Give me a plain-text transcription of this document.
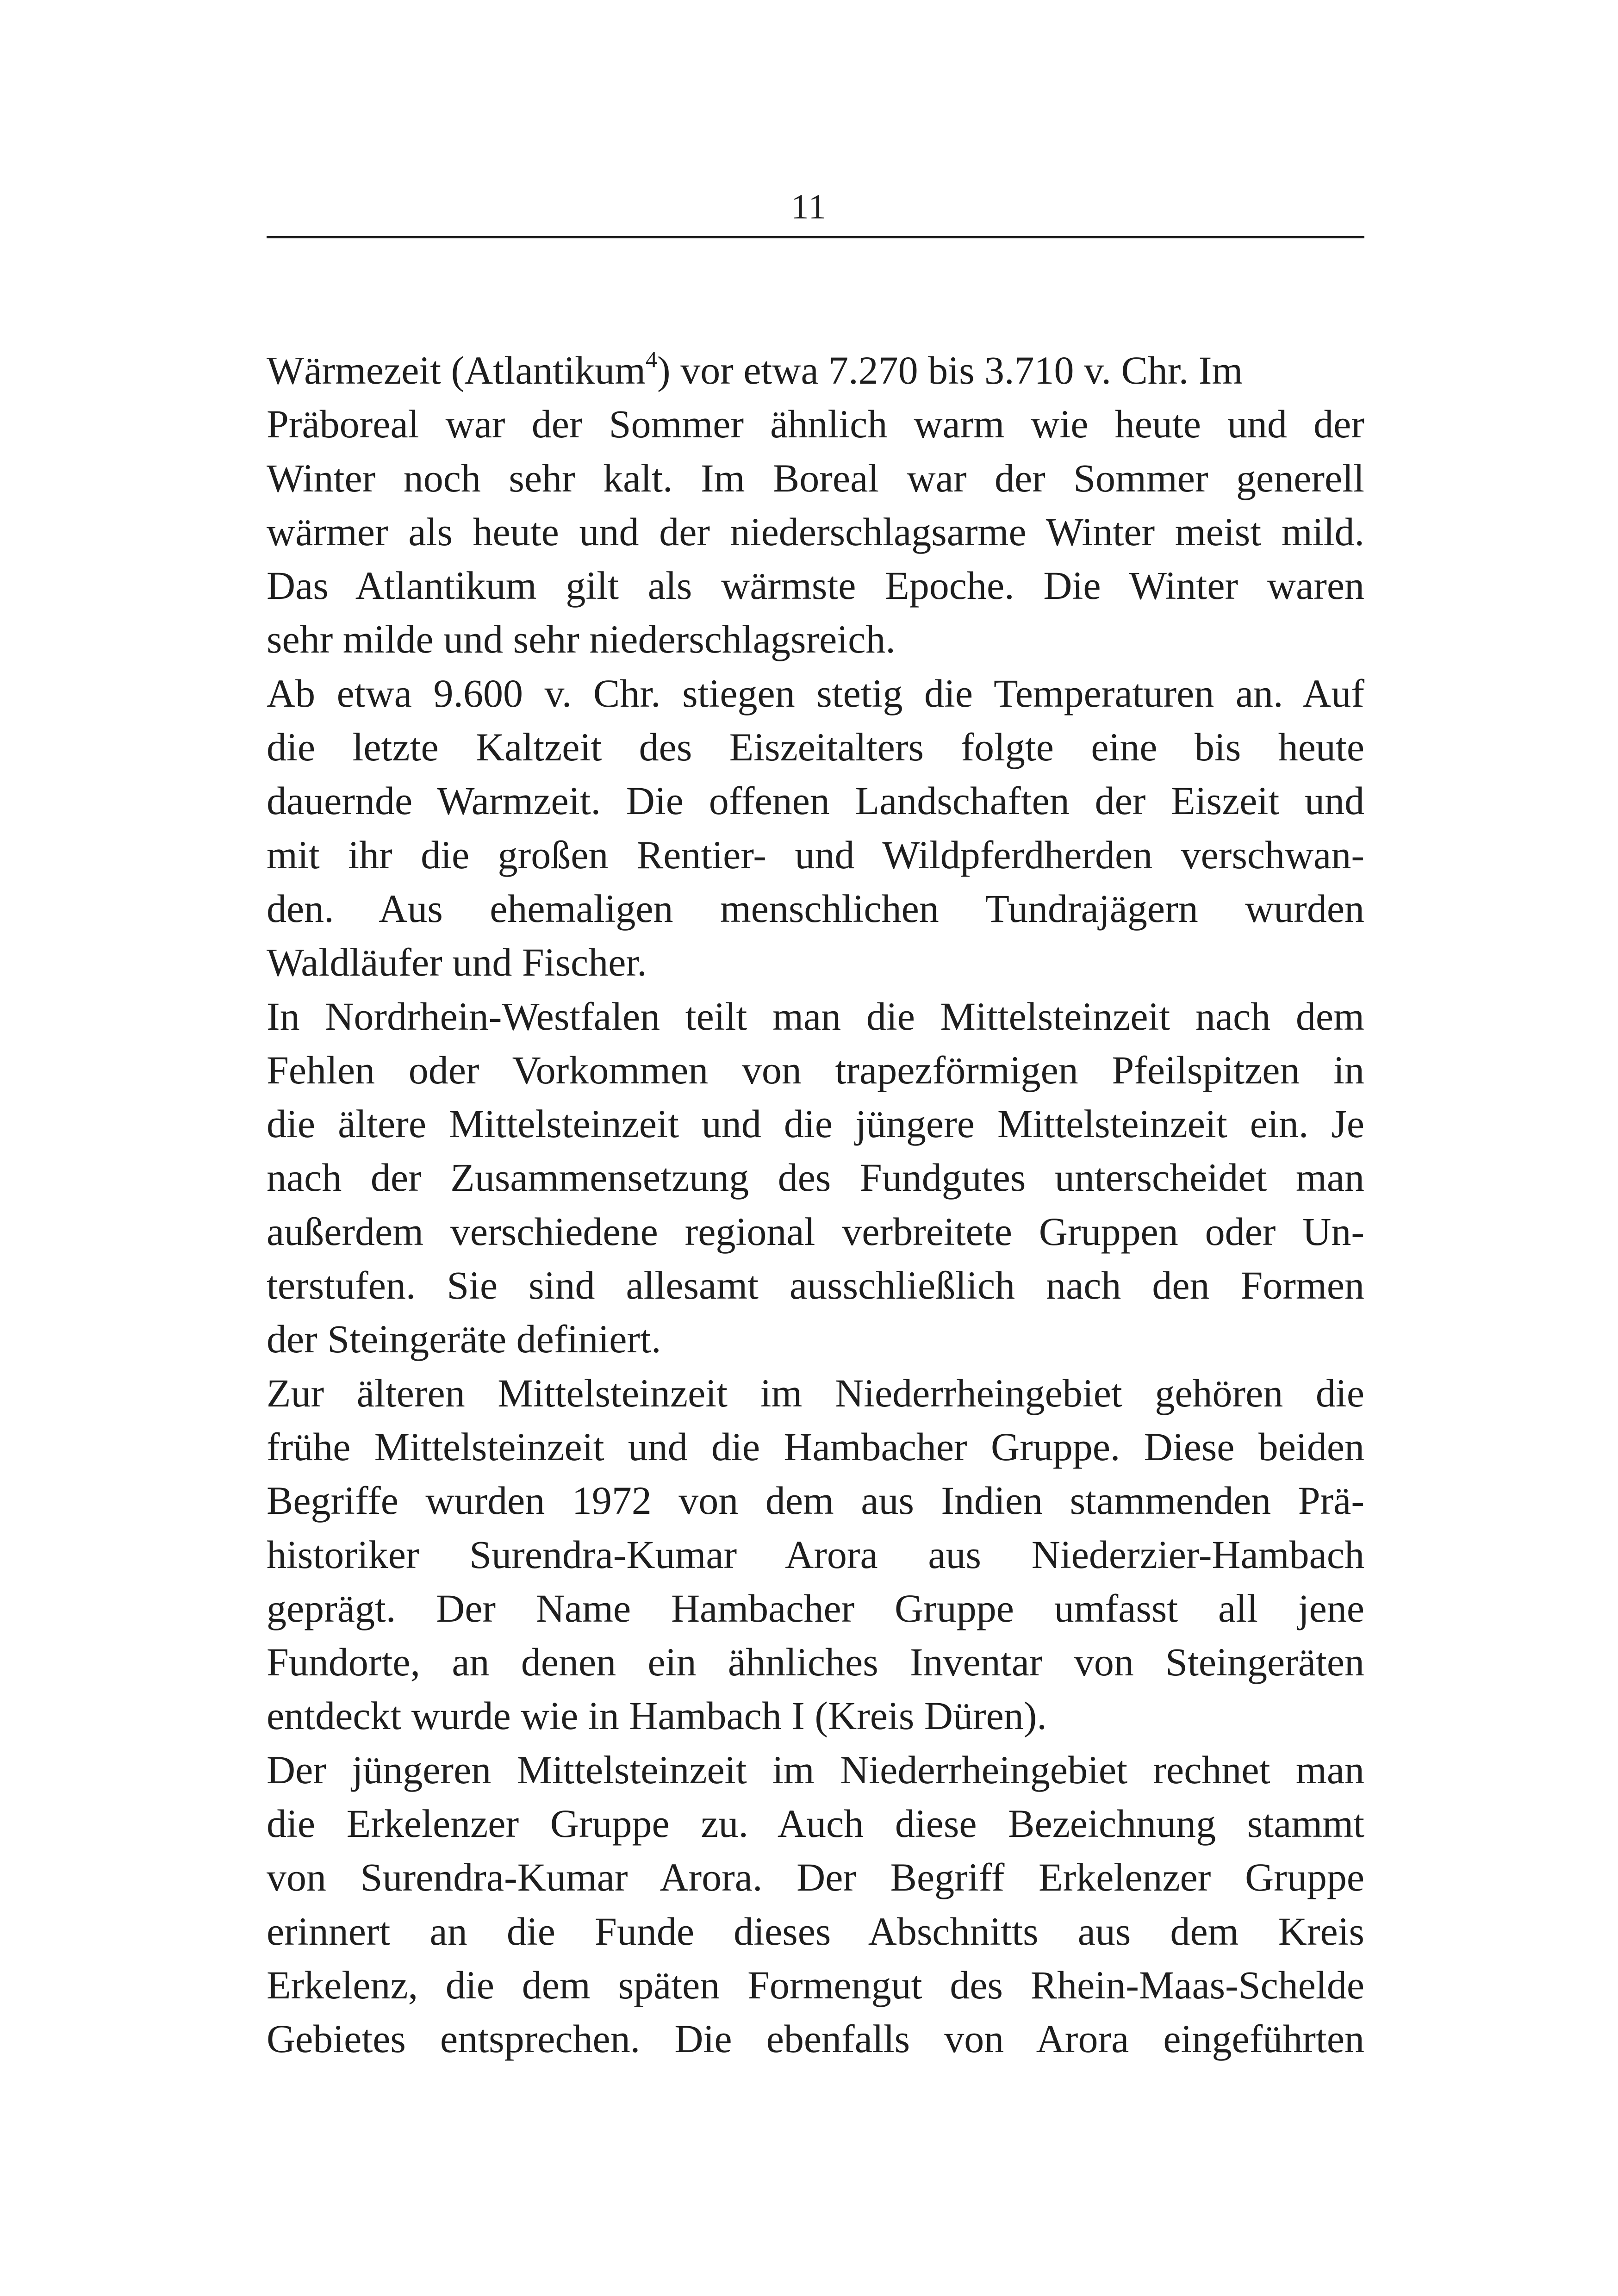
11
Wärmezeit (Atlantikum$^4$) vor etwa 7.270 bis 3.710 v. Chr. Im
Präboreal war der Sommer ähnlich warm wie heute und der
Winter noch sehr kalt. Im Boreal war der Sommer generell
wärmer als heute und der niederschlagsarme Winter meist mild.
Das Atlantikum gilt als wärmste Epoche. Die Winter waren
sehr milde und sehr niederschlagsreich.
Ab etwa 9.600 v. Chr. stiegen stetig die Temperaturen an. Auf
die letzte Kaltzeit des Eiszeitalters folgte eine bis heute
dauernde Warmzeit. Die offenen Landschaften der Eiszeit und
mit ihr die großen Rentier- und Wildpferdherden verschwan-
den. Aus ehemaligen menschlichen Tundrajägern wurden
Waldläufer und Fischer.
In Nordrhein-Westfalen teilt man die Mittelsteinzeit nach dem
Fehlen oder Vorkommen von trapezförmigen Pfeilspitzen in
die ältere Mittelsteinzeit und die jüngere Mittelsteinzeit ein. Je
nach der Zusammensetzung des Fundgutes unterscheidet man
außerdem verschiedene regional verbreitete Gruppen oder Un-
terstufen. Sie sind allesamt ausschließlich nach den Formen
der Steingeräte definiert.
Zur älteren Mittelsteinzeit im Niederrheingebiet gehören die
frühe Mittelsteinzeit und die Hambacher Gruppe. Diese beiden
Begriffe wurden 1972 von dem aus Indien stammenden Prä-
historiker Surendra-Kumar Arora aus Niederzier-Hambach
geprägt. Der Name Hambacher Gruppe umfasst all jene
Fundorte, an denen ein ähnliches Inventar von Steingeräten
entdeckt wurde wie in Hambach I (Kreis Düren).
Der jüngeren Mittelsteinzeit im Niederrheingebiet rechnet man
die Erkelenzer Gruppe zu. Auch diese Bezeichnung stammt
von Surendra-Kumar Arora. Der Begriff Erkelenzer Gruppe
erinnert an die Funde dieses Abschnitts aus dem Kreis
Erkelenz, die dem späten Formengut des Rhein-Maas-Schelde
Gebietes entsprechen. Die ebenfalls von Arora eingeführten
